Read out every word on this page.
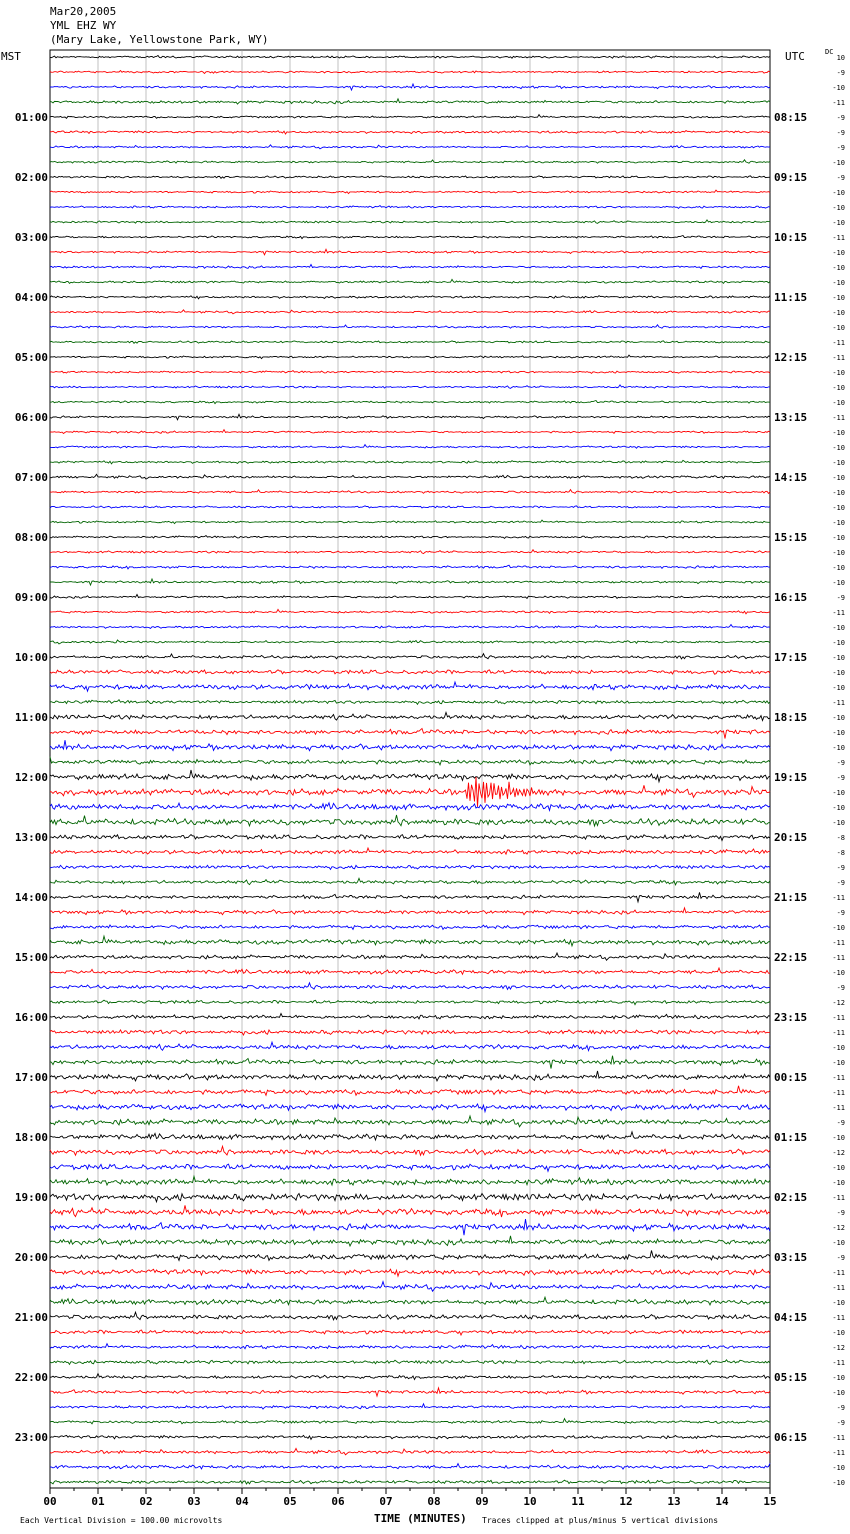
Mar20,2005
YML EHZ WY
(Mary Lake, Yellowstone Park, WY)
MST	UTC	DC
00	01	02	03	04	05	06	07	08	09	10	11	12	13	14	15
10
-9
-10
-11
-9
-9
-9
-10
-9
-10
-10
-10
-11
-10
-10
-10
-10
-10
-10
-11
-11
-10
-10
-10
-11
-10
-10
-10
-10
-10
-10
-10
-10
-10
-10
-10
-9
-11
-10
-10
-10
-10
-10
-11
-10
-10
-10
-9
-9
-10
-10
-10
-8
-8
-9
-9
-11
-9
-10
-11
-11
-10
-9
-12
-11
-11
-10
-10
-11
-11
-11
-9
-10
-12
-10
-10
-11
-9
-12
-10
-9
-11
-11
-10
-11
-10
-12
-11
-10
-10
-9
-9
-11
-11
-10
-10
01:00
02:00
03:00
04:00
05:00
06:00
07:00
08:00
09:00
10:00
11:00
12:00
13:00
14:00
15:00
16:00
17:00
18:00
19:00
20:00
21:00
22:00
23:00
08:15
09:15
10:15
11:15
12:15
13:15
14:15
15:15
16:15
17:15
18:15
19:15
20:15
21:15
22:15
23:15
00:15
01:15
02:15
03:15
04:15
05:15
06:15
TIME (MINUTES)
Each Vertical Division = 100.00 microvolts	Traces clipped at plus/minus 5 vertical divisions
